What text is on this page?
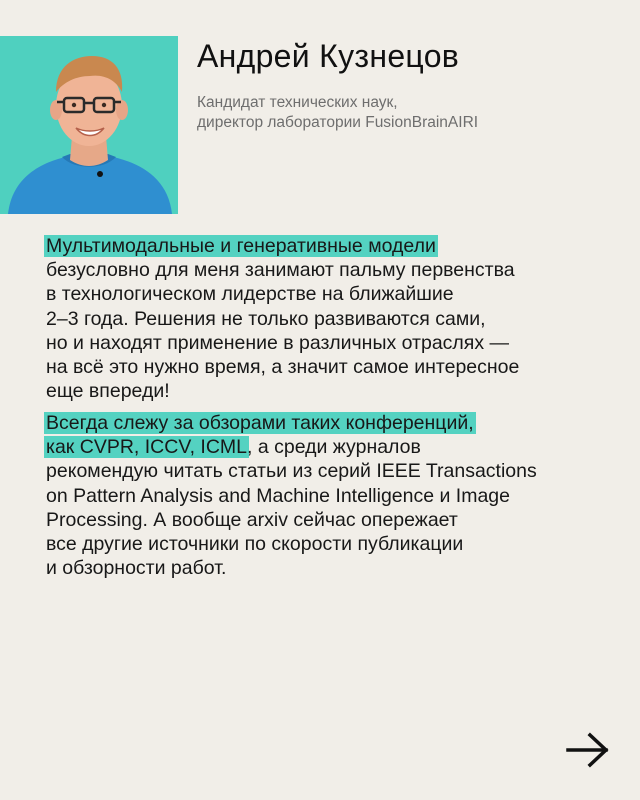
Андрей Кузнецов
Кандидат технических наук,
директор лаборатории FusionBrainAIRI
Мультимодальные и генеративные модели
безусловно для меня занимают пальму первенства
в технологическом лидерстве на ближайшие
2–3 года. Решения не только развиваются сами,
но и находят применение в различных отраслях —
на всё это нужно время, а значит самое интересное
еще впереди!
Всегда слежу за обзорами таких конференций,
как CVPR, ICCV, ICML, а среди журналов
рекомендую читать статьи из серий IEEE Transactions
on Pattern Analysis and Machine Intelligence и Image
Processing. А вообще arxiv сейчас опережает
все другие источники по скорости публикации
и обзорности работ.
